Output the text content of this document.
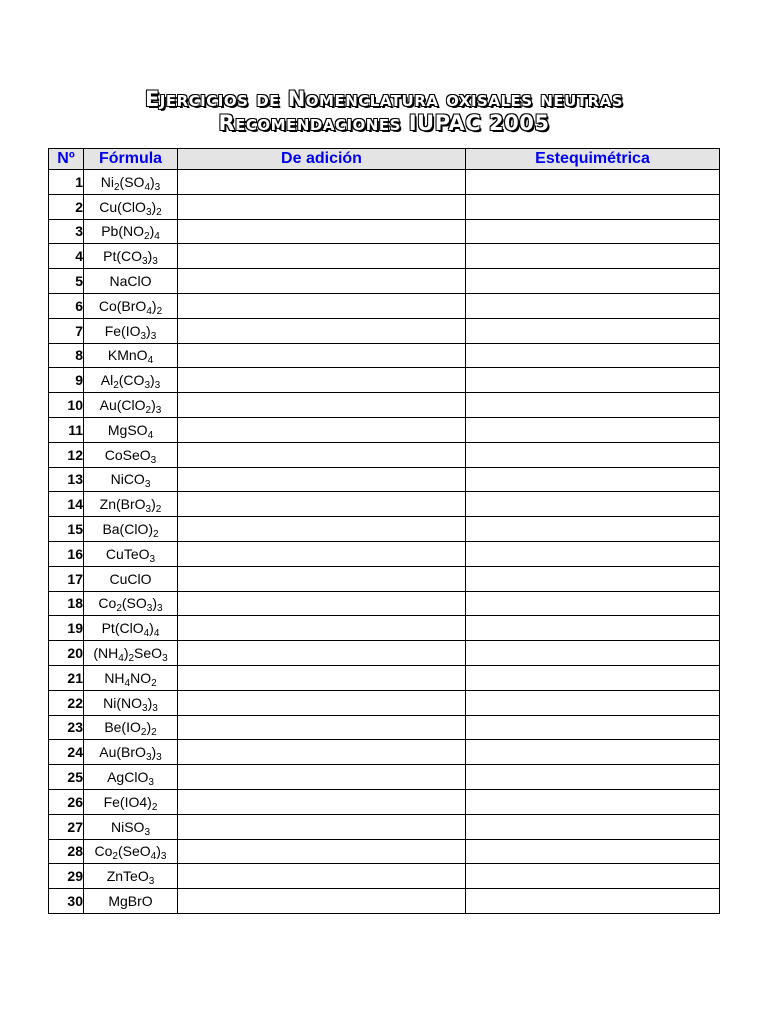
Ejercicios de Nomenclatura oxisales neutras
Recomendaciones IUPAC 2005
Nº	Fórmula	De adición	Estequimétrica
1	$Ni_2(SO_4)_3$		
2	$Cu(ClO_3)_2$		
3	$Pb(NO_2)_4$		
4	$Pt(CO_3)_3$		
5	NaClO		
6	$Co(BrO_4)_2$		
7	$Fe(IO_3)_3$		
8	KMnO$_4$		
9	$Al_2(CO_3)_3$		
10	$Au(ClO_2)_3$		
11	MgSO$_4$		
12	CoSeO$_3$		
13	NiCO$_3$		
14	$Zn(BrO_3)_2$		
15	$Ba(ClO)_2$		
16	CuTeO$_3$		
17	CuClO		
18	$Co_2(SO_3)_3$		
19	$Pt(ClO_4)_4$		
20	$(NH_4)_2SeO_3$		
21	$NH_4NO_2$		
22	$Ni(NO_3)_3$		
23	$Be(IO_2)_2$		
24	$Au(BrO_3)_3$		
25	AgClO$_3$		
26	$Fe(IO4)_2$		
27	NiSO$_3$		
28	$Co_2(SeO_4)_3$		
29	ZnTeO$_3$		
30	MgBrO		
